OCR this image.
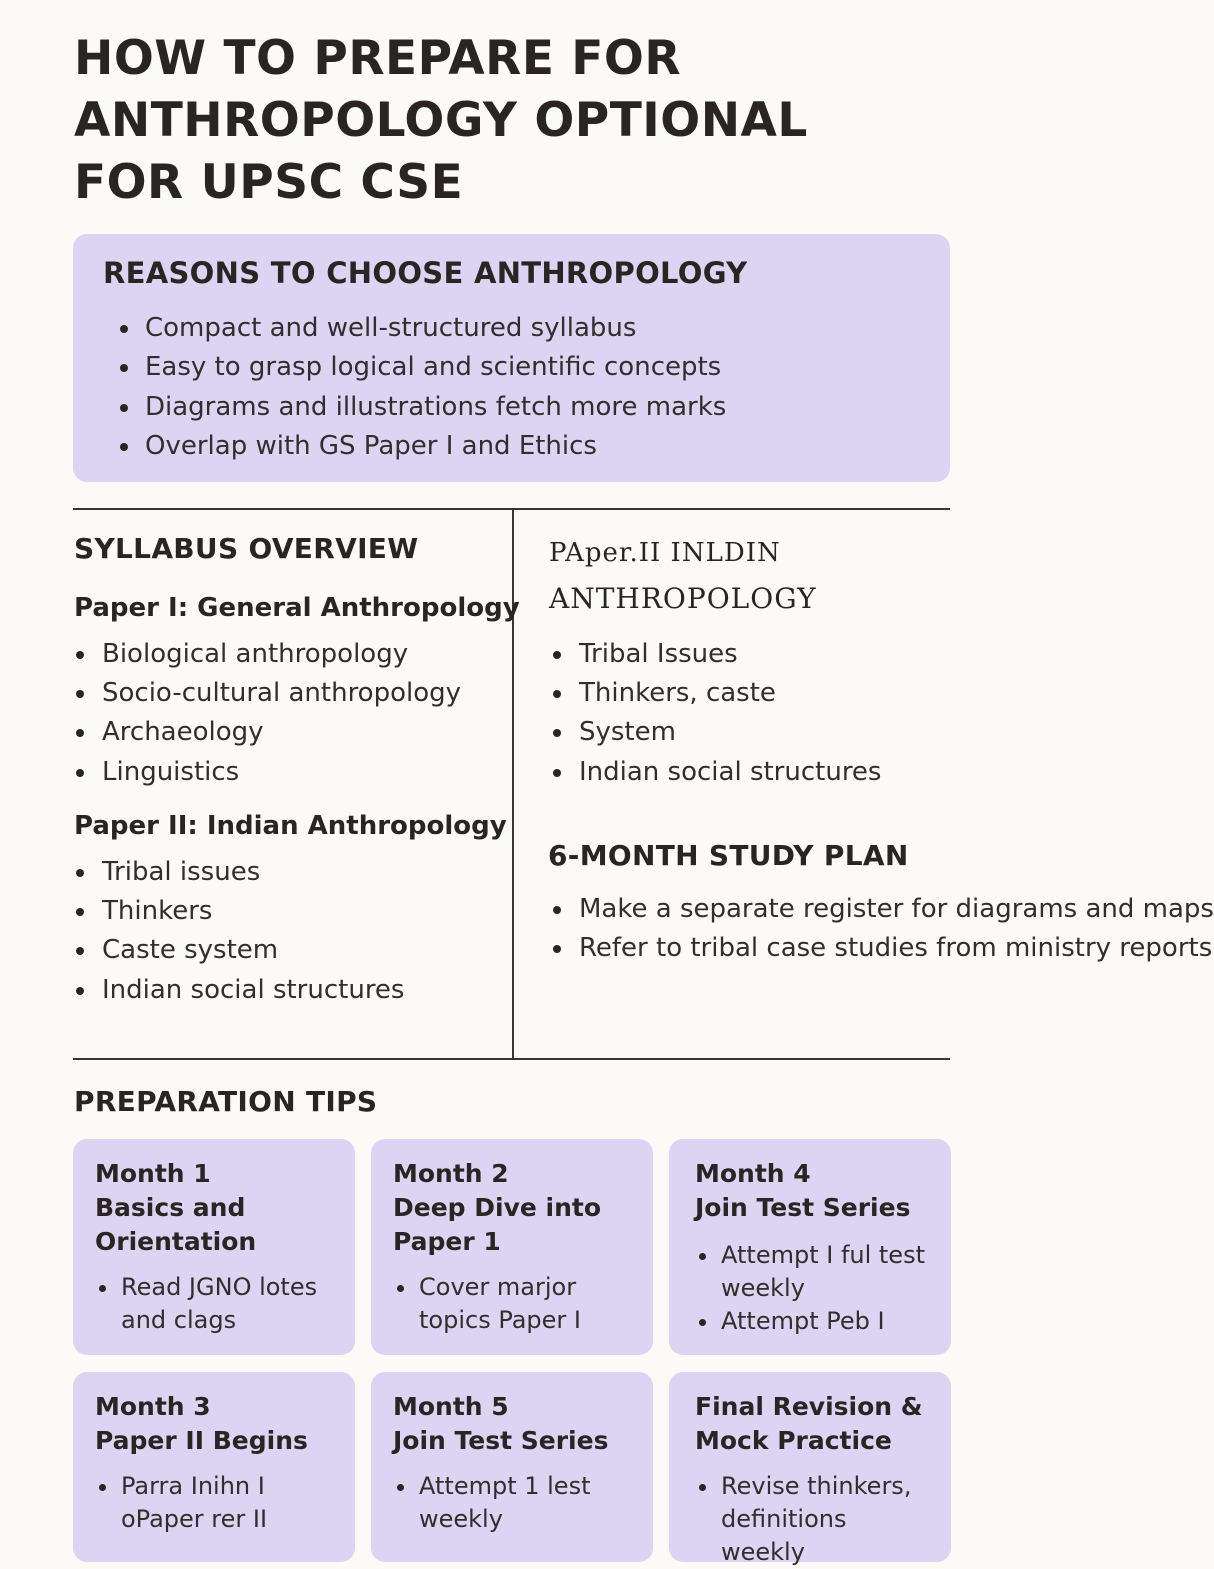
HOW TO PREPARE FOR
ANTHROPOLOGY OPTIONAL
FOR UPSC CSE
REASONS TO CHOOSE ANTHROPOLOGY
Compact and well-structured syllabus
Easy to grasp logical and scientific concepts
Diagrams and illustrations fetch more marks
Overlap with GS Paper I and Ethics
SYLLABUS OVERVIEW
Paper I: General Anthropology
Biological anthropology
Socio-cultural anthropology
Archaeology
Linguistics
Paper II: Indian Anthropology
Tribal issues
Thinkers
Caste system
Indian social structures
PAper.II INLDIN
ANTHROPOLOGY
Tribal Issues
Thinkers, caste
System
Indian social structures
6-MONTH STUDY PLAN
Make a separate register for diagrams and maps
Refer to tribal case studies from ministry reports
PREPARATION TIPS
Month 1
Basics and
Orientation
Read JGNO lotes and clags
Month 2
Deep Dive into
Paper 1
Cover marjor topics Paper I
Month 4
Join Test Series
Attempt I ful test weekly
Attempt Peb I
Month 3
Paper II Begins
Parra Inihn I oPaper rer II
Month 5
Join Test Series
Attempt 1 lest weekly
Final Revision &
Mock Practice
Revise thinkers, definitions weekly
